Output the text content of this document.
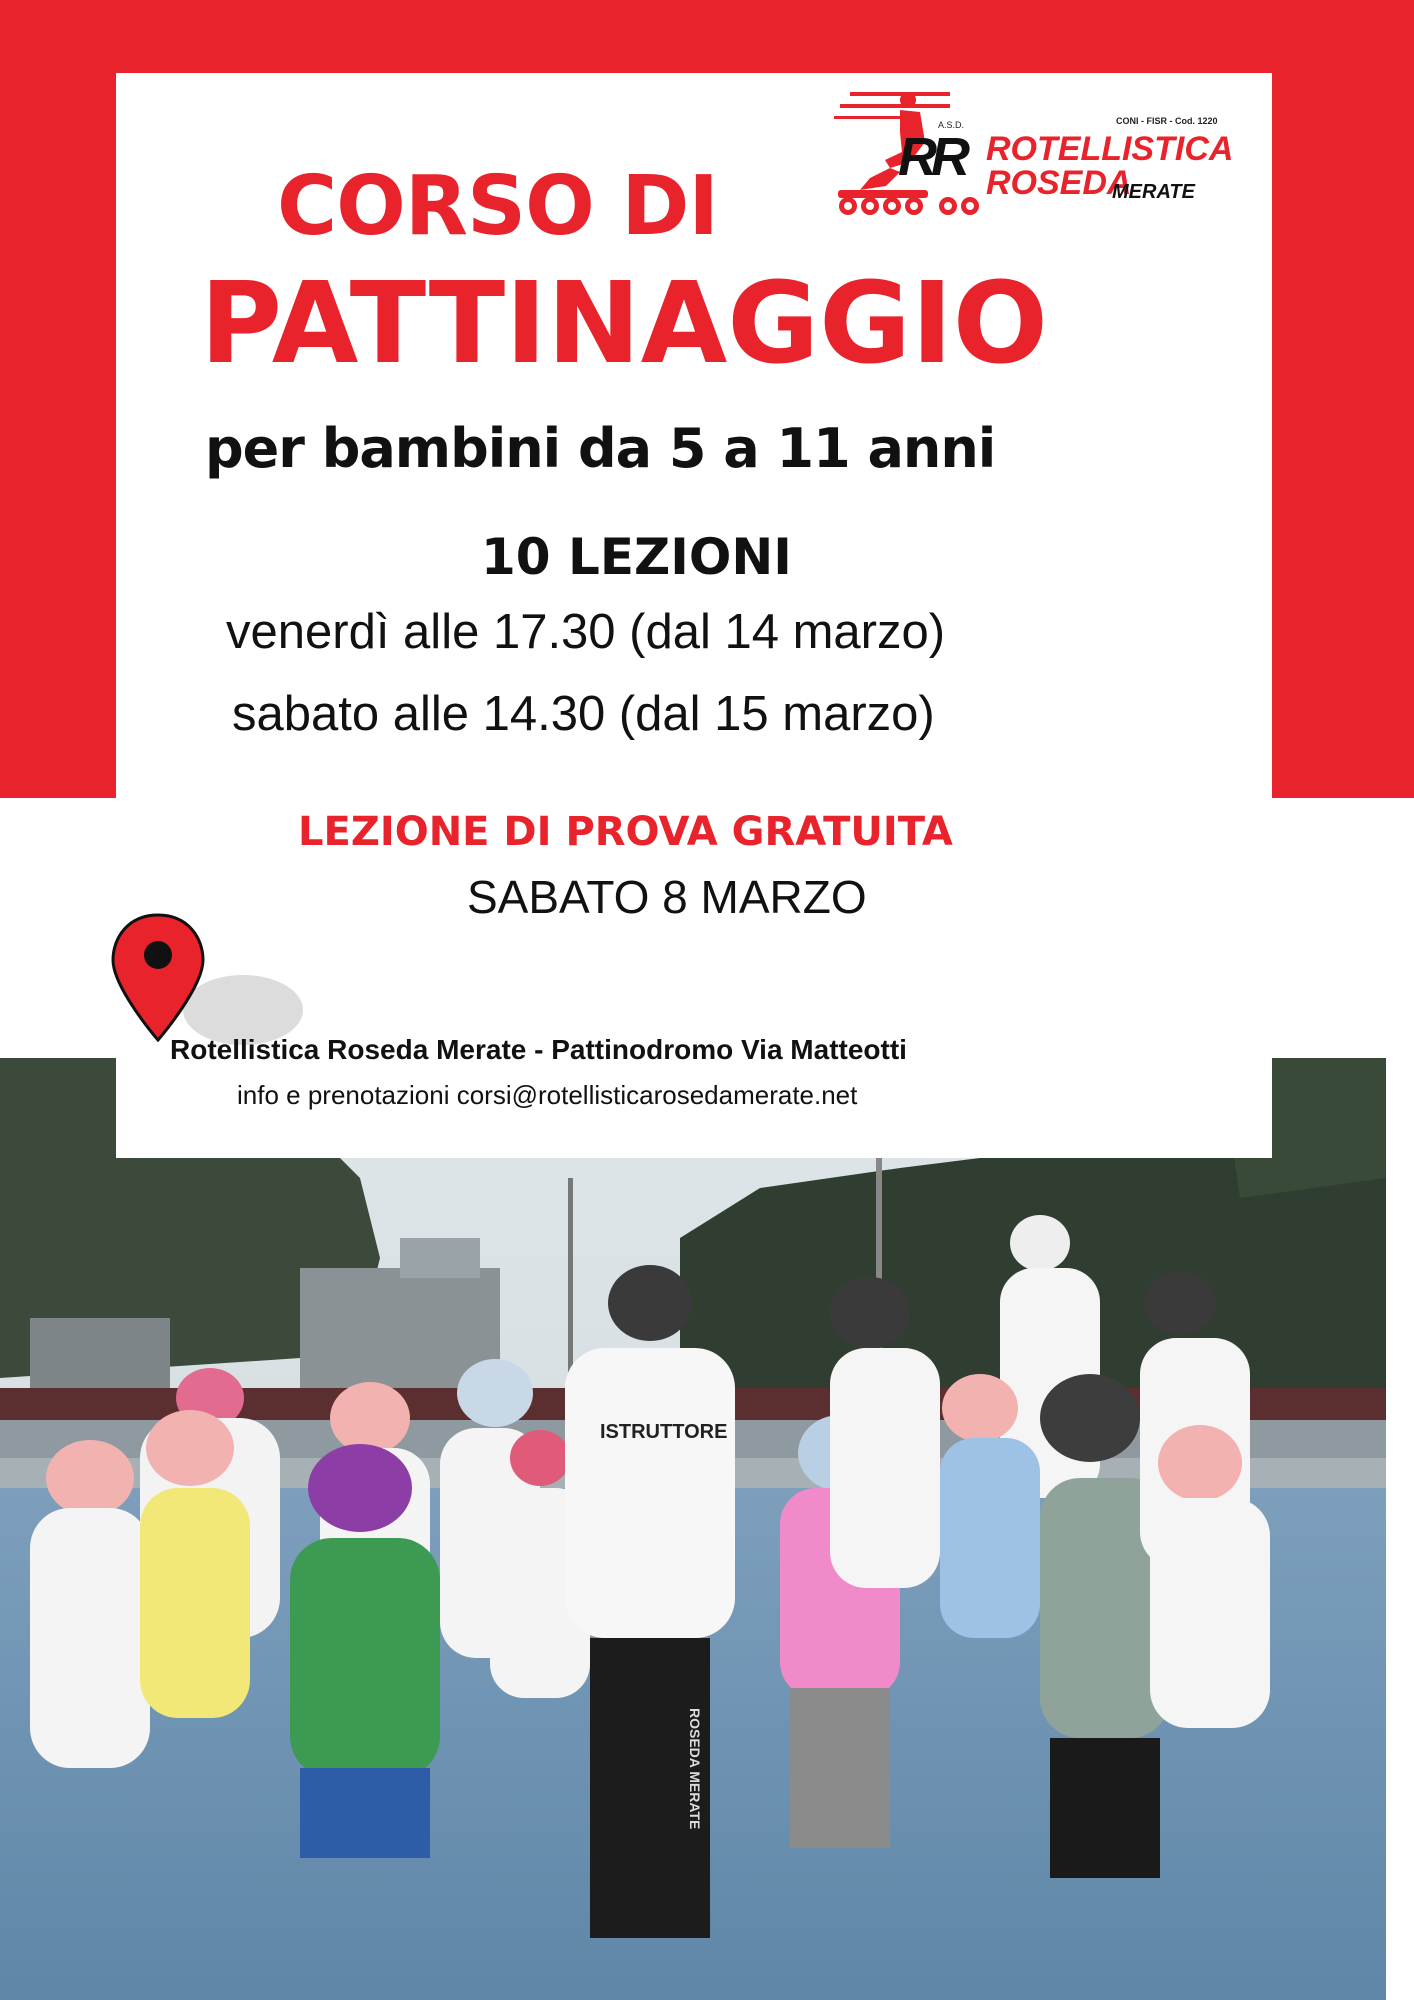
A.S.D.	CONI - FISR - Cod. 1220
RR ROTELLISTICA
ROSEDA
MERATE
CORSO DI
PATTINAGGIO
per bambini da 5 a 11 anni
10 LEZIONI
venerdì alle 17.30 (dal 14 marzo)
sabato alle 14.30 (dal 15 marzo)
LEZIONE DI PROVA GRATUITA
SABATO 8 MARZO
ISTRUTTORE
ROSEDA MERATE
Rotellistica Roseda Merate - Pattinodromo Via Matteotti
info e prenotazioni corsi@rotellisticarosedamerate.net
